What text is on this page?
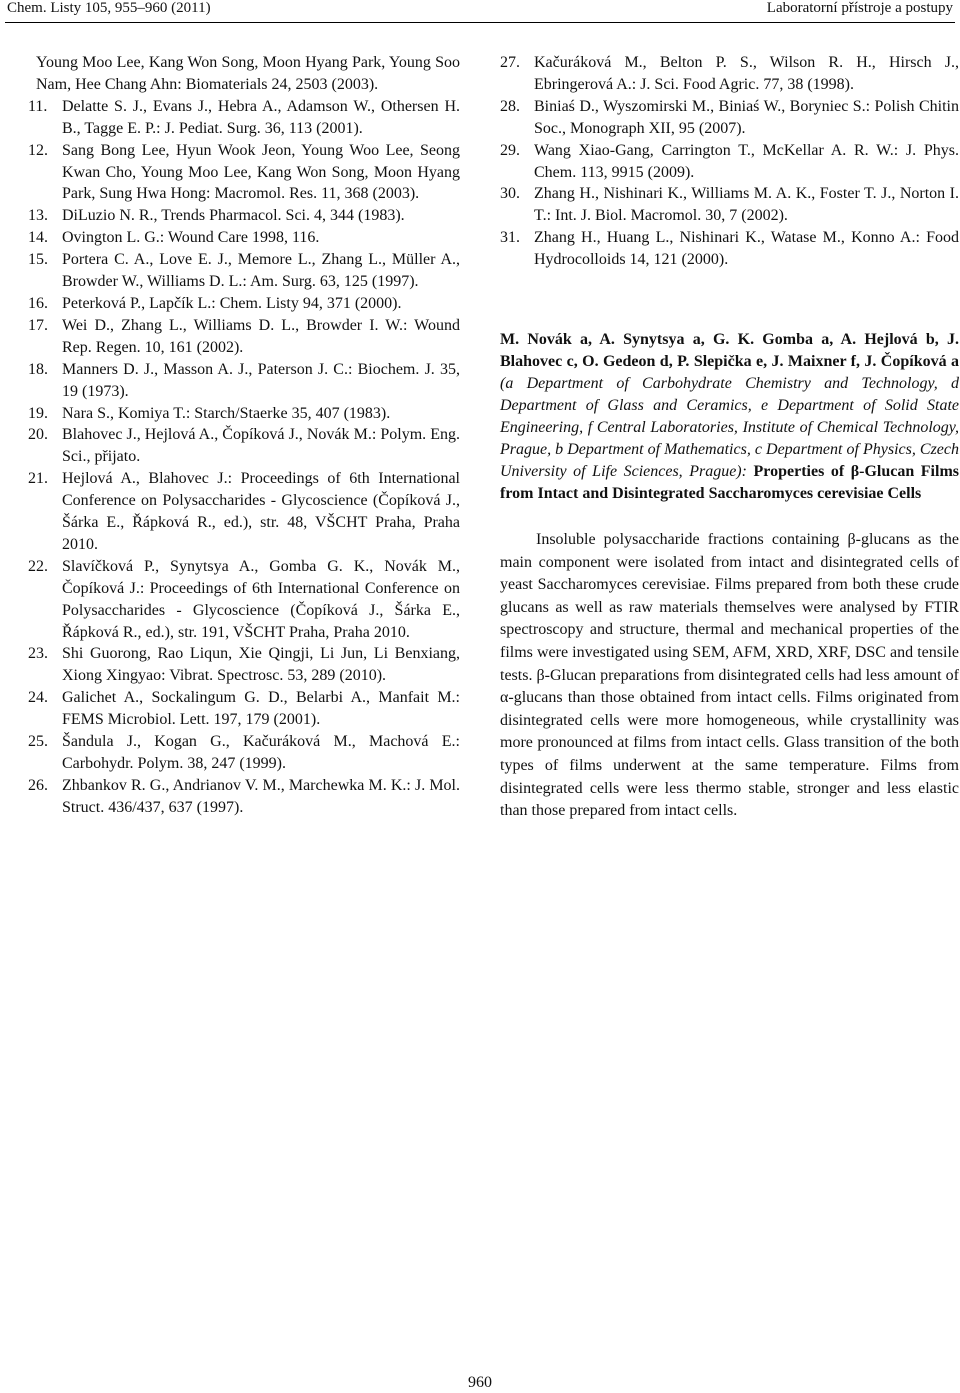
Chem. Listy 105, 955–960 (2011)	Laboratorní přístroje a postupy
Young Moo Lee, Kang Won Song, Moon Hyang Park, Young Soo Nam, Hee Chang Ahn: Biomaterials 24, 2503 (2003).
11. Delatte S. J., Evans J., Hebra A., Adamson W., Othersen H. B., Tagge E. P.: J. Pediat. Surg. 36, 113 (2001).
12. Sang Bong Lee, Hyun Wook Jeon, Young Woo Lee, Seong Kwan Cho, Young Moo Lee, Kang Won Song, Moon Hyang Park, Sung Hwa Hong: Macromol. Res. 11, 368 (2003).
13. DiLuzio N. R., Trends Pharmacol. Sci. 4, 344 (1983).
14. Ovington L. G.: Wound Care 1998, 116.
15. Portera C. A., Love E. J., Memore L., Zhang L., Müller A., Browder W., Williams D. L.: Am. Surg. 63, 125 (1997).
16. Peterková P., Lapčík L.: Chem. Listy 94, 371 (2000).
17. Wei D., Zhang L., Williams D. L., Browder I. W.: Wound Rep. Regen. 10, 161 (2002).
18. Manners D. J., Masson A. J., Paterson J. C.: Biochem. J. 35, 19 (1973).
19. Nara S., Komiya T.: Starch/Staerke 35, 407 (1983).
20. Blahovec J., Hejlová A., Čopíková J., Novák M.: Polym. Eng. Sci., přijato.
21. Hejlová A., Blahovec J.: Proceedings of 6th International Conference on Polysaccharides - Glycoscience (Čopíková J., Šárka E., Řápková R., ed.), str. 48, VŠCHT Praha, Praha 2010.
22. Slavíčková P., Synytsya A., Gomba G. K., Novák M., Čopíková J.: Proceedings of 6th International Conference on Polysaccharides - Glycoscience (Čopíková J., Šárka E., Řápková R., ed.), str. 191, VŠCHT Praha, Praha 2010.
23. Shi Guorong, Rao Liqun, Xie Qingji, Li Jun, Li Benxiang, Xiong Xingyao: Vibrat. Spectrosc. 53, 289 (2010).
24. Galichet A., Sockalingum G. D., Belarbi A., Manfait M.: FEMS Microbiol. Lett. 197, 179 (2001).
25. Šandula J., Kogan G., Kačuráková M., Machová E.: Carbohydr. Polym. 38, 247 (1999).
26. Zhbankov R. G., Andrianov V. M., Marchewka M. K.: J. Mol. Struct. 436/437, 637 (1997).
27. Kačuráková M., Belton P. S., Wilson R. H., Hirsch J., Ebringerová A.: J. Sci. Food Agric. 77, 38 (1998).
28. Biniaś D., Wyszomirski M., Biniaś W., Boryniec S.: Polish Chitin Soc., Monograph XII, 95 (2007).
29. Wang Xiao-Gang, Carrington T., McKellar A. R. W.: J. Phys. Chem. 113, 9915 (2009).
30. Zhang H., Nishinari K., Williams M. A. K., Foster T. J., Norton I. T.: Int. J. Biol. Macromol. 30, 7 (2002).
31. Zhang H., Huang L., Nishinari K., Watase M., Konno A.: Food Hydrocolloids 14, 121 (2000).
M. Novák a, A. Synytsya a, G. K. Gomba a, A. Hejlová b, J. Blahovec c, O. Gedeon d, P. Slepička e, J. Maixner f, J. Čopíková a (a Department of Carbohydrate Chemistry and Technology, d Department of Glass and Ceramics, e Department of Solid State Engineering, f Central Laboratories, Institute of Chemical Technology, Prague, b Department of Mathematics, c Department of Physics, Czech University of Life Sciences, Prague): Properties of β-Glucan Films from Intact and Disintegrated Saccharomyces cerevisiae Cells
Insoluble polysaccharide fractions containing β-glucans as the main component were isolated from intact and disintegrated cells of yeast Saccharomyces cerevisiae. Films prepared from both these crude glucans as well as raw materials themselves were analysed by FTIR spectroscopy and structure, thermal and mechanical properties of the films were investigated using SEM, AFM, XRD, XRF, DSC and tensile tests. β-Glucan preparations from disintegrated cells had less amount of α-glucans than those obtained from intact cells. Films originated from disintegrated cells were more homogeneous, while crystallinity was more pronounced at films from intact cells. Glass transition of the both types of films underwent at the same temperature. Films from disintegrated cells were less thermo stable, stronger and less elastic than those prepared from intact cells.
960
